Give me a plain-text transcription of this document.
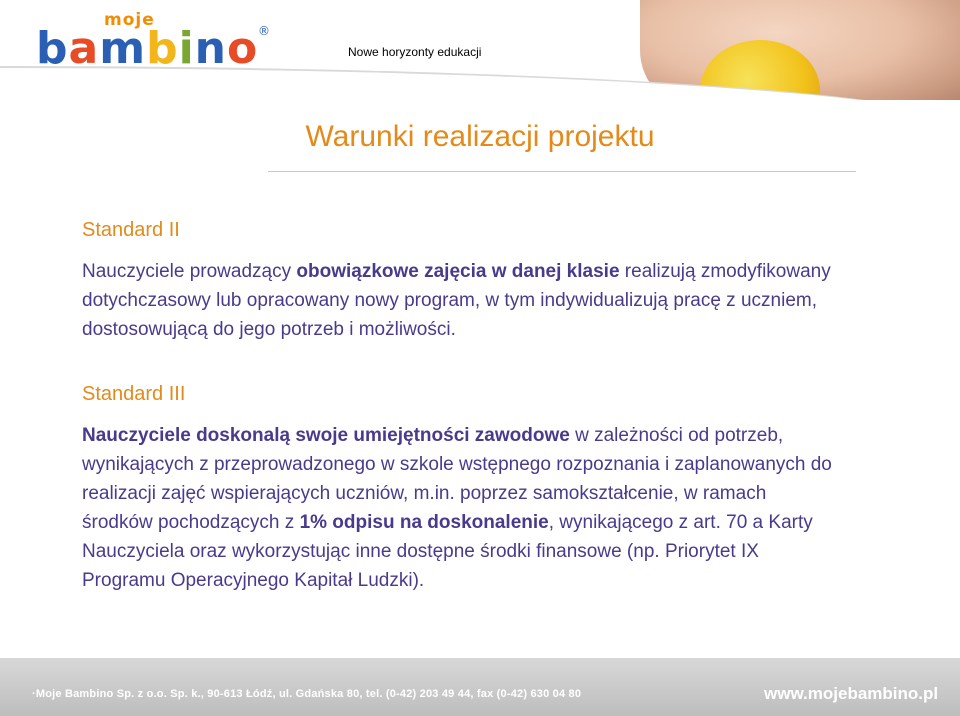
moje
bambino ®
Nowe horyzonty edukacji
Warunki realizacji projektu
Standard II
Nauczyciele prowadzący obowiązkowe zajęcia w danej klasie realizują zmodyfikowany dotychczasowy lub opracowany nowy program, w tym indywidualizują pracę z uczniem, dostosowującą do jego potrzeb i możliwości.
Standard III
Nauczyciele doskonalą swoje umiejętności zawodowe w zależności od potrzeb, wynikających z przeprowadzonego w szkole wstępnego rozpoznania i zaplanowanych do realizacji zajęć wspierających uczniów, m.in. poprzez samokształcenie, w ramach środków pochodzących z 1% odpisu na doskonalenie, wynikającego z art. 70 a Karty Nauczyciela oraz wykorzystując inne dostępne środki finansowe (np. Priorytet IX Programu Operacyjnego Kapitał Ludzki).
·Moje Bambino Sp. z o.o. Sp. k., 90-613 Łódź, ul. Gdańska 80, tel. (0-42) 203 49 44, fax (0-42) 630 04 80	www.mojebambino.pl
